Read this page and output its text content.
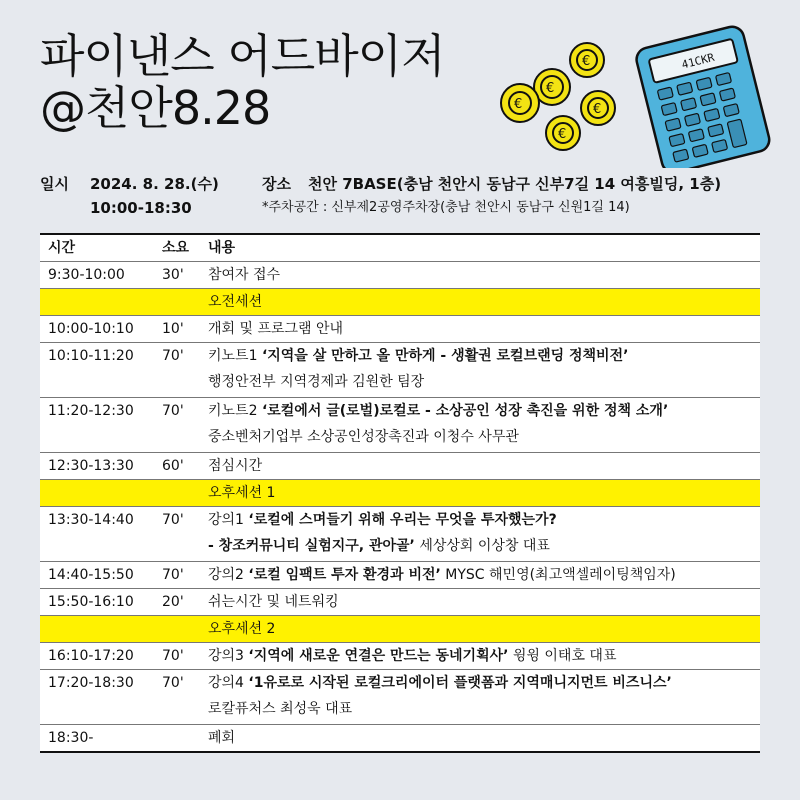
파이낸스 어드바이저
@천안8.28
€
€
€	€
€
41CKR
일시 2024. 8. 28.(수)
10:00-18:30
장소 천안 7BASE(충남 천안시 동남구 신부7길 14 여흥빌딩, 1층)
*주차공간 : 신부제2공영주차장(충남 천안시 동남구 신원1길 14)
시간	소요	내용
9:30-10:00	30'	참여자 접수
오전세션
10:00-10:10	10'	개회 및 프로그램 안내
10:10-11:20	70'	키노트1 ‘지역을 살 만하고 올 만하게 - 생활권 로컬브랜딩 정책비전’
행정안전부 지역경제과 김원한 팀장
11:20-12:30	70'	키노트2 ‘로컬에서 글(로벌)로컬로 - 소상공인 성장 촉진을 위한 정책 소개’
중소벤처기업부 소상공인성장촉진과 이청수 사무관
12:30-13:30	60'	점심시간
오후세션 1
13:30-14:40	70'	강의1 ‘로컬에 스며들기 위해 우리는 무엇을 투자했는가?
- 창조커뮤니티 실험지구, 관아골’ 세상상회 이상창 대표
14:40-15:50	70'	강의2 ‘로컬 임팩트 투자 환경과 비전’ MYSC 해민영(최고액셀레이팅책임자)
15:50-16:10	20'	쉬는시간 및 네트워킹
오후세션 2
16:10-17:20	70'	강의3 ‘지역에 새로운 연결은 만드는 동네기획사’ 윙윙 이태호 대표
17:20-18:30	70'	강의4 ‘1유로로 시작된 로컬크리에이터 플랫폼과 지역매니지먼트 비즈니스’
로칼퓨처스 최성욱 대표
18:30-	폐회
